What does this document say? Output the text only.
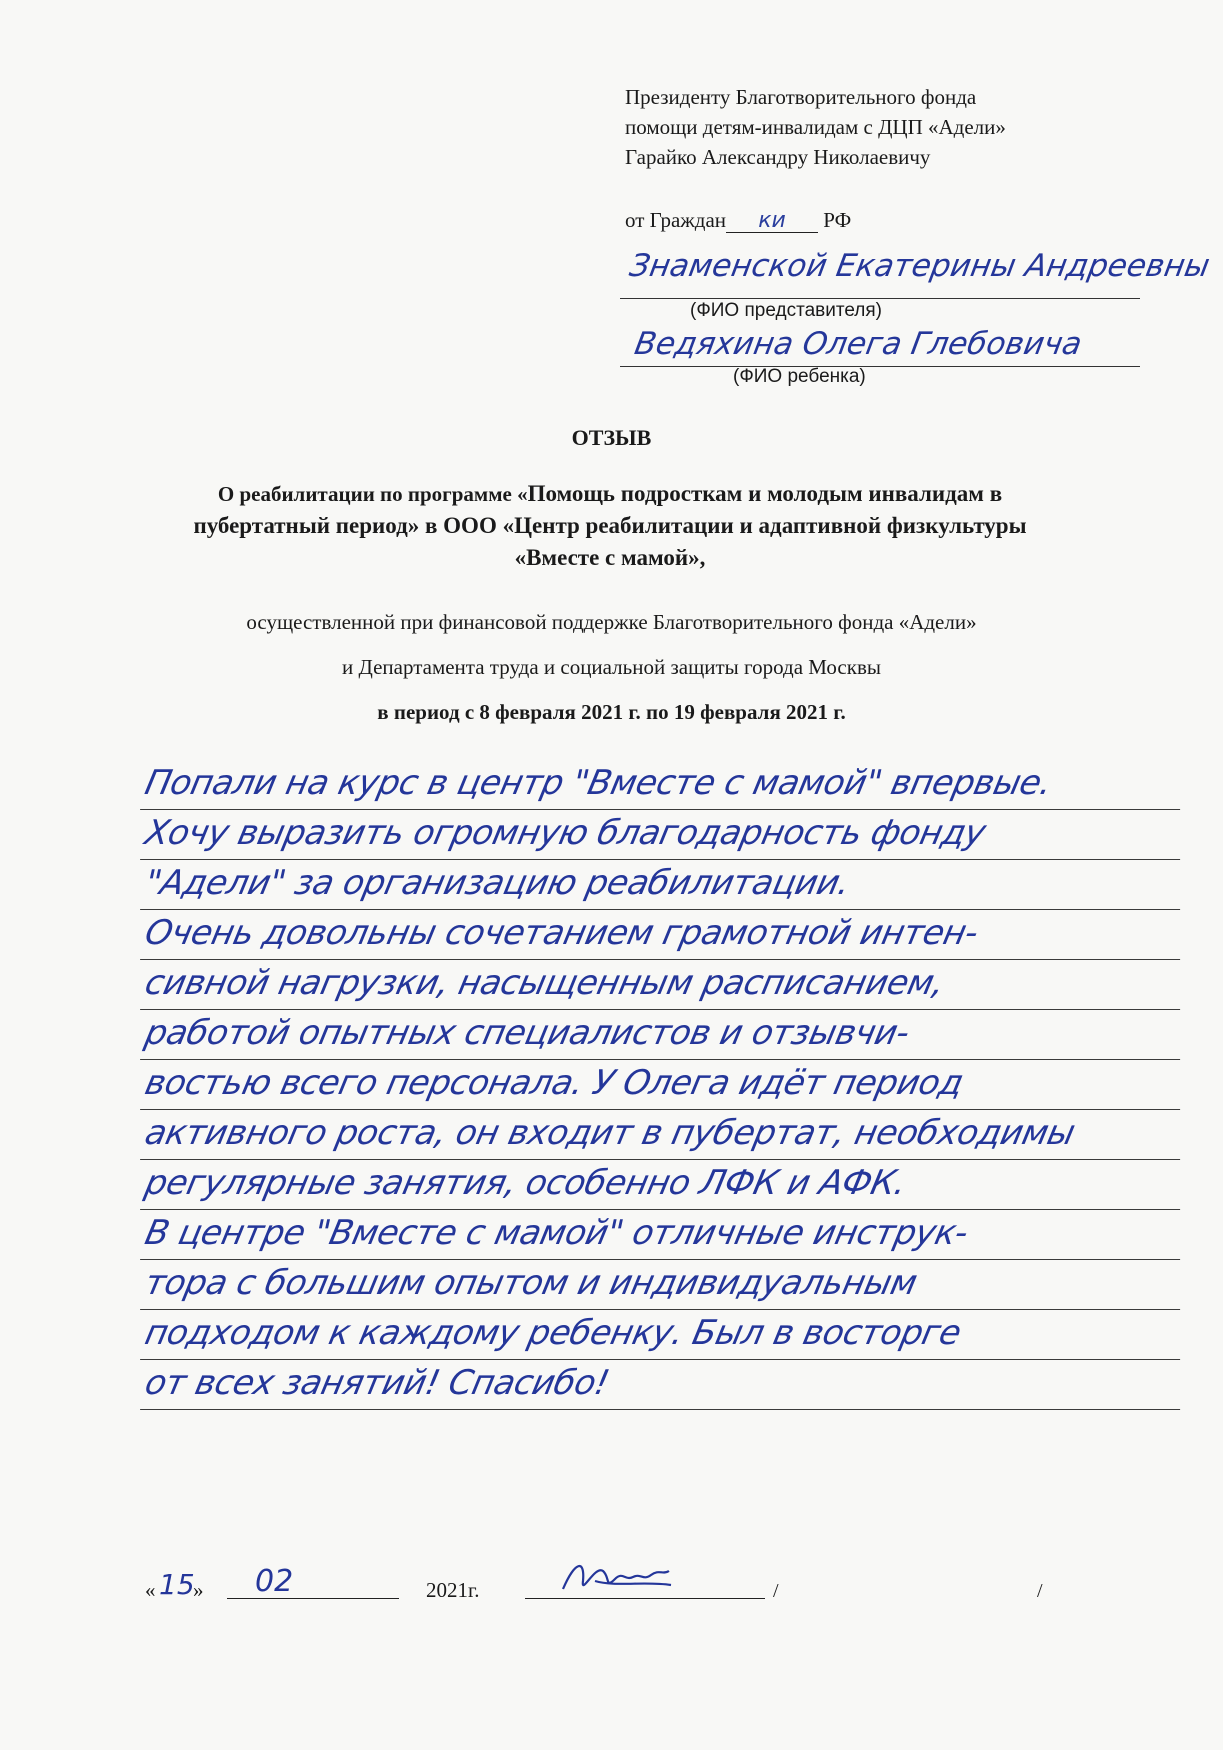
Президенту Благотворительного фонда
помощи детям-инвалидам с ДЦП «Адели»
Гарайко Александру Николаевичу
от Граждан ки РФ
Знаменской Екатерины Андреевны
(ФИО представителя)
Ведяхина Олега Глебовича
(ФИО ребенка)
ОТЗЫВ
О реабилитации по программе «Помощь подросткам и молодым инвалидам в
пубертатный период» в ООО «Центр реабилитации и адаптивной физкультуры
«Вместе с мамой»,
осуществленной при финансовой поддержке Благотворительного фонда «Адели»
и Департамента труда и социальной защиты города Москвы
в период с 8 февраля 2021 г. по 19 февраля 2021 г.
Попали на курс в центр "Вместе с мамой" впервые.
Хочу выразить огромную благодарность фонду
"Адели" за организацию реабилитации.
Очень довольны сочетанием грамотной интен-
сивной нагрузки, насыщенным расписанием,
работой опытных специалистов и отзывчи-
востью всего персонала. У Олега идёт период
активного роста, он входит в пубертат, необходимы
регулярные занятия, особенно ЛФК и АФК.
В центре "Вместе с мамой" отличные инструк-
тора с большим опытом и индивидуальным
подходом к каждому ребенку. Был в восторге
от всех занятий! Спасибо!
« 15
» 02	2021г.	/	/
